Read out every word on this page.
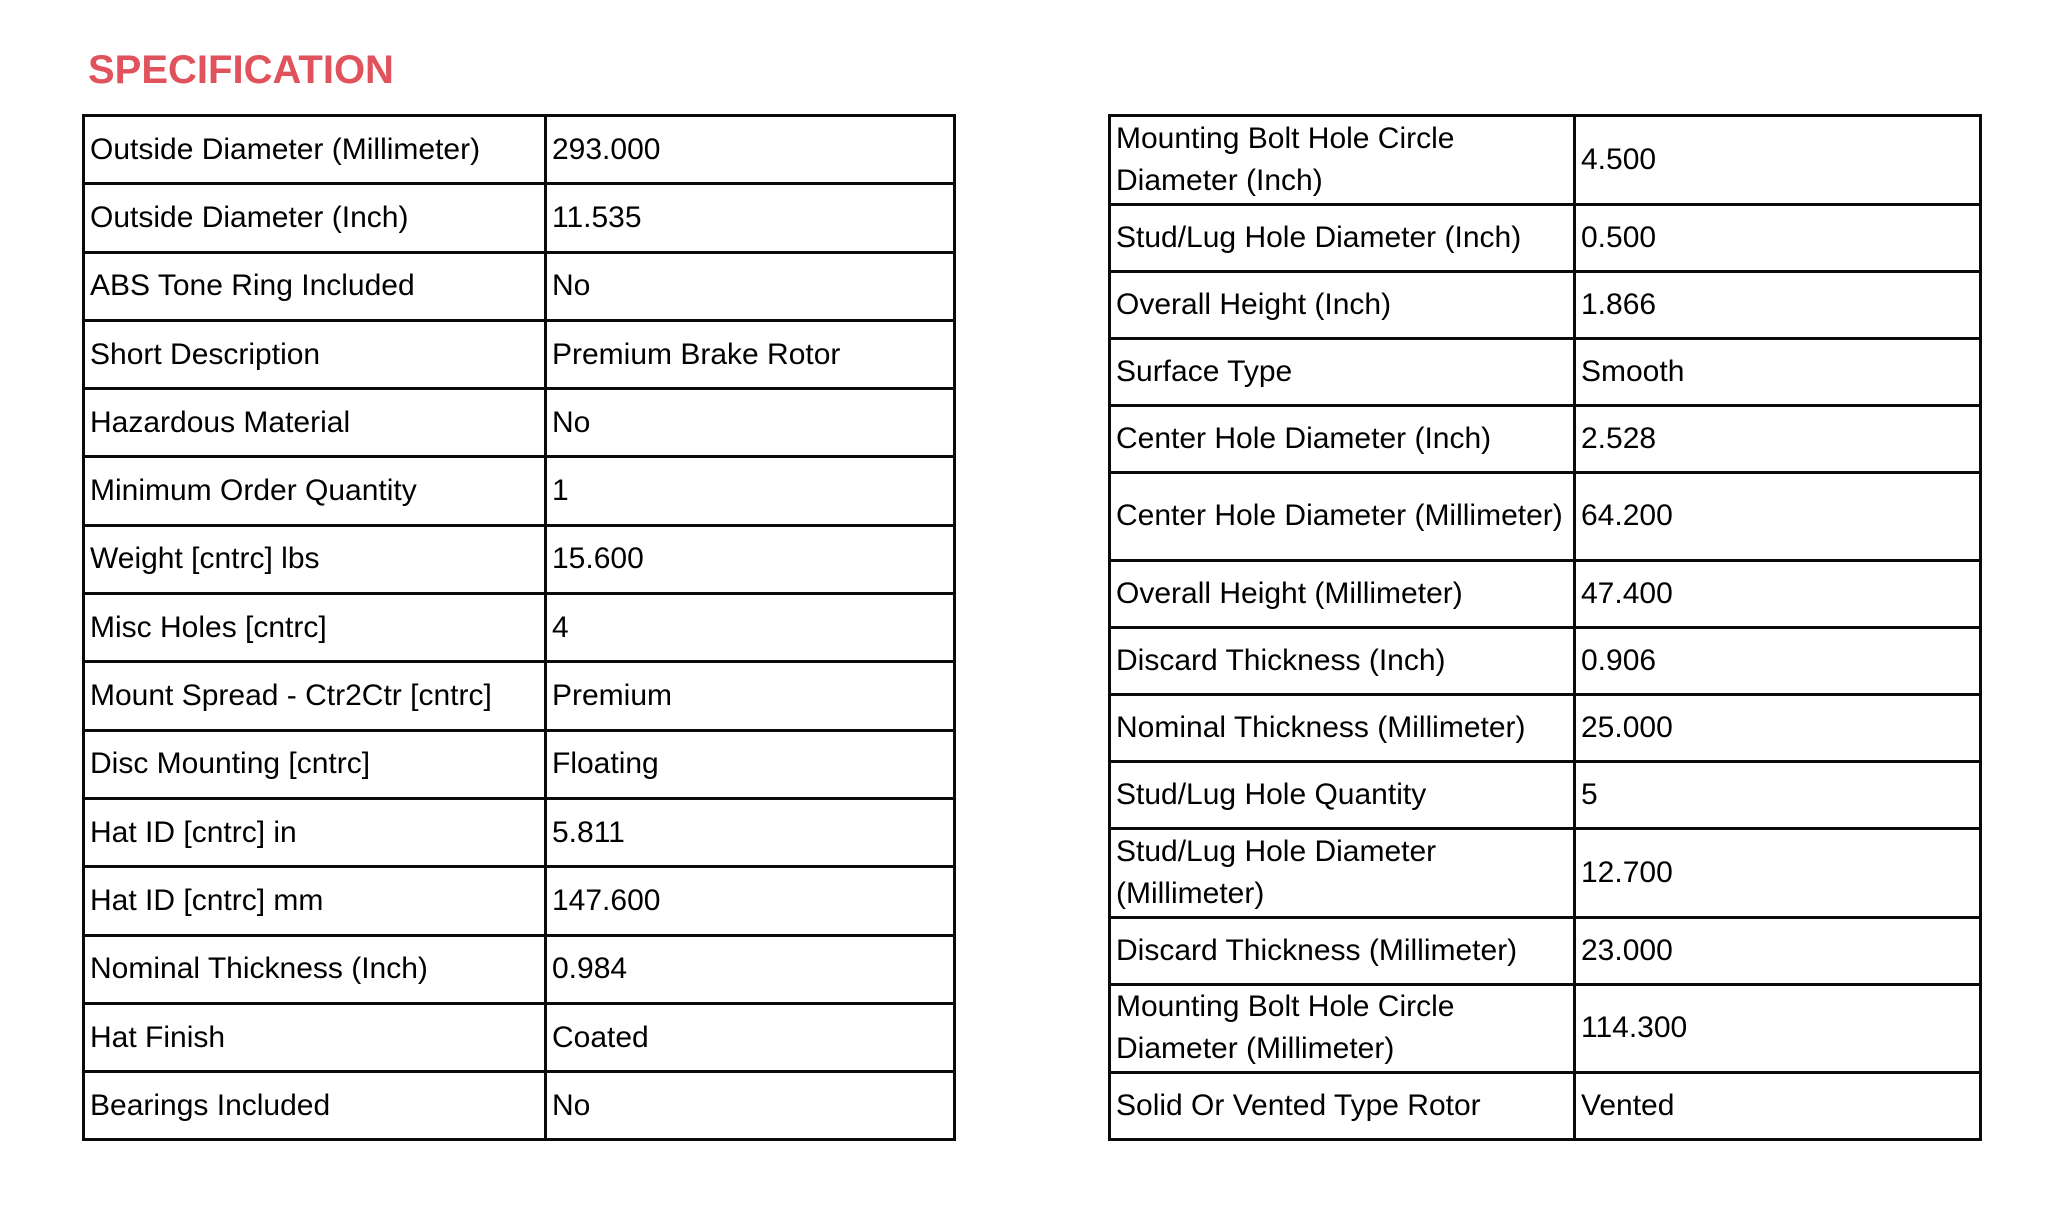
SPECIFICATION
Outside Diameter (Millimeter)	293.000
Outside Diameter (Inch)	11.535
ABS Tone Ring Included	No
Short Description	Premium Brake Rotor
Hazardous Material	No
Minimum Order Quantity	1
Weight [cntrc] lbs	15.600
Misc Holes [cntrc]	4
Mount Spread - Ctr2Ctr [cntrc]	Premium
Disc Mounting [cntrc]	Floating
Hat ID [cntrc] in	5.811
Hat ID [cntrc] mm	147.600
Nominal Thickness (Inch)	0.984
Hat Finish	Coated
Bearings Included	No
Mounting Bolt Hole Circle Diameter (Inch)	4.500
Stud/Lug Hole Diameter (Inch)	0.500
Overall Height (Inch)	1.866
Surface Type	Smooth
Center Hole Diameter (Inch)	2.528
Center Hole Diameter (Millimeter)	64.200
Overall Height (Millimeter)	47.400
Discard Thickness (Inch)	0.906
Nominal Thickness (Millimeter)	25.000
Stud/Lug Hole Quantity	5
Stud/Lug Hole Diameter (Millimeter)	12.700
Discard Thickness (Millimeter)	23.000
Mounting Bolt Hole Circle Diameter (Millimeter)	114.300
Solid Or Vented Type Rotor	Vented
